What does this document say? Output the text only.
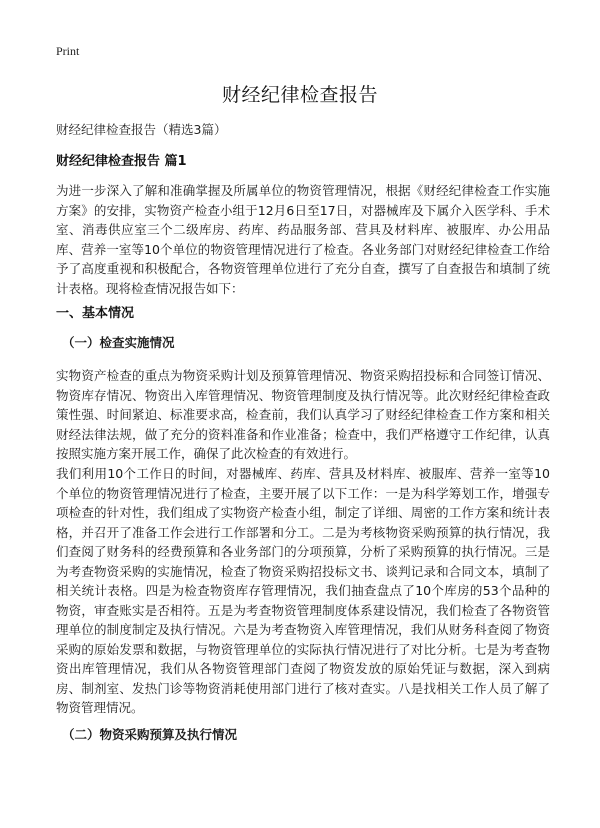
Print
财经纪律检查报告
财经纪律检查报告（精选3篇）
财经纪律检查报告 篇1

为进一步深入了解和准确掌握及所属单位的物资管理情况，根据《财经纪律检查工作实施方案》的安排，实物资产检查小组于12月6日至17日，对器械库及下属介入医学科、手术室、消毒供应室三个二级库房、药库、药品服务部、营具及材料库、被服库、办公用品库、营养一室等10个单位的物资管理情况进行了检查。各业务部门对财经纪律检查工作给予了高度重视和积极配合，各物资管理单位进行了充分自查，撰写了自查报告和填制了统计表格。现将检查情况报告如下：

一、基本情况
（一）检查实施情况

实物资产检查的重点为物资采购计划及预算管理情况、物资采购招投标和合同签订情况、物资库存情况、物资出入库管理情况、物资管理制度及执行情况等。此次财经纪律检查政策性强、时间紧迫、标准要求高，检查前，我们认真学习了财经纪律检查工作方案和相关财经法律法规，做了充分的资料准备和作业准备；检查中，我们严格遵守工作纪律，认真按照实施方案开展工作，确保了此次检查的有效进行。

我们利用10个工作日的时间，对器械库、药库、营具及材料库、被服库、营养一室等10个单位的物资管理情况进行了检查，主要开展了以下工作：一是为科学筹划工作，增强专项检查的针对性，我们组成了实物资产检查小组，制定了详细、周密的工作方案和统计表格，并召开了准备工作会进行工作部署和分工。二是为考核物资采购预算的执行情况，我们查阅了财务科的经费预算和各业务部门的分项预算，分析了采购预算的执行情况。三是为考查物资采购的实施情况，检查了物资采购招投标文书、谈判记录和合同文本，填制了相关统计表格。四是为检查物资库存管理情况，我们抽查盘点了10个库房的53个品种的物资，审查账实是否相符。五是为考查物资管理制度体系建设情况，我们检查了各物资管理单位的制度制定及执行情况。六是为考查物资入库管理情况，我们从财务科查阅了物资采购的原始发票和数据，与物资管理单位的实际执行情况进行了对比分析。七是为考查物资出库管理情况，我们从各物资管理部门查阅了物资发放的原始凭证与数据，深入到病房、制剂室、发热门诊等物资消耗使用部门进行了核对查实。八是找相关工作人员了解了物资管理情况。

（二）物资采购预算及执行情况
